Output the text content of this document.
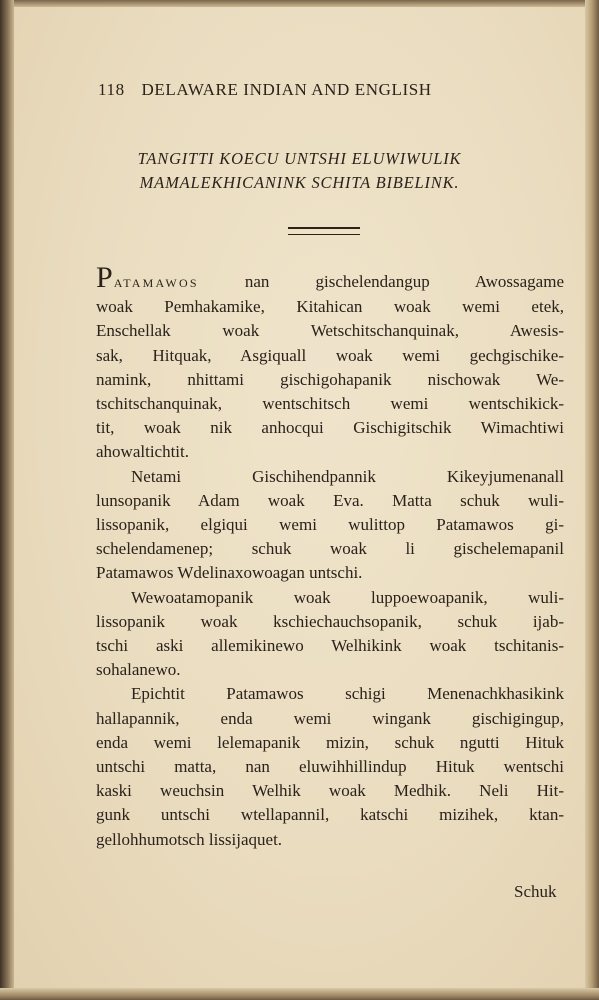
118 DELAWARE INDIAN AND ENGLISH
TANGITTI KOECU UNTSHI ELUWIWULIK
MAMALEKHICANINK SCHITA BIBELINK.

PATAMAWOS nan gischelendangup Awossagame
woak Pemhakamike, Kitahican woak wemi etek,
Enschellak woak Wetschitschanquinak, Awesis-
sak, Hitquak, Asgiquall woak wemi gechgischike-
namink, nhittami gischigohapanik nischowak We-
tschitschanquinak, wentschitsch wemi wentschikick-
tit, woak nik anhocqui Gischigitschik Wimachtiwi
ahowaltichtit.

Netami Gischihendpannik Kikeyjumenanall
lunsopanik Adam woak Eva. Matta schuk wuli-
lissopanik, elgiqui wemi wulittop Patamawos gi-
schelendamenep; schuk woak li gischelemapanil
Patamawos Wdelinaxowoagan untschi.

Wewoatamopanik woak luppoewoapanik, wuli-
lissopanik woak kschiechauchsopanik, schuk ijab-
tschi aski allemikinewo Welhikink woak tschitanis-
sohalanewo.

Epichtit Patamawos schigi Menenachkhasikink
hallapannik, enda wemi wingank gischigingup,
enda wemi lelemapanik mizin, schuk ngutti Hituk
untschi matta, nan eluwihhillindup Hituk wentschi
kaski weuchsin Welhik woak Medhik. Neli Hit-
gunk untschi wtellapannil, katschi mizihek, ktan-
gellohhumotsch lissijaquet.

Schuk
